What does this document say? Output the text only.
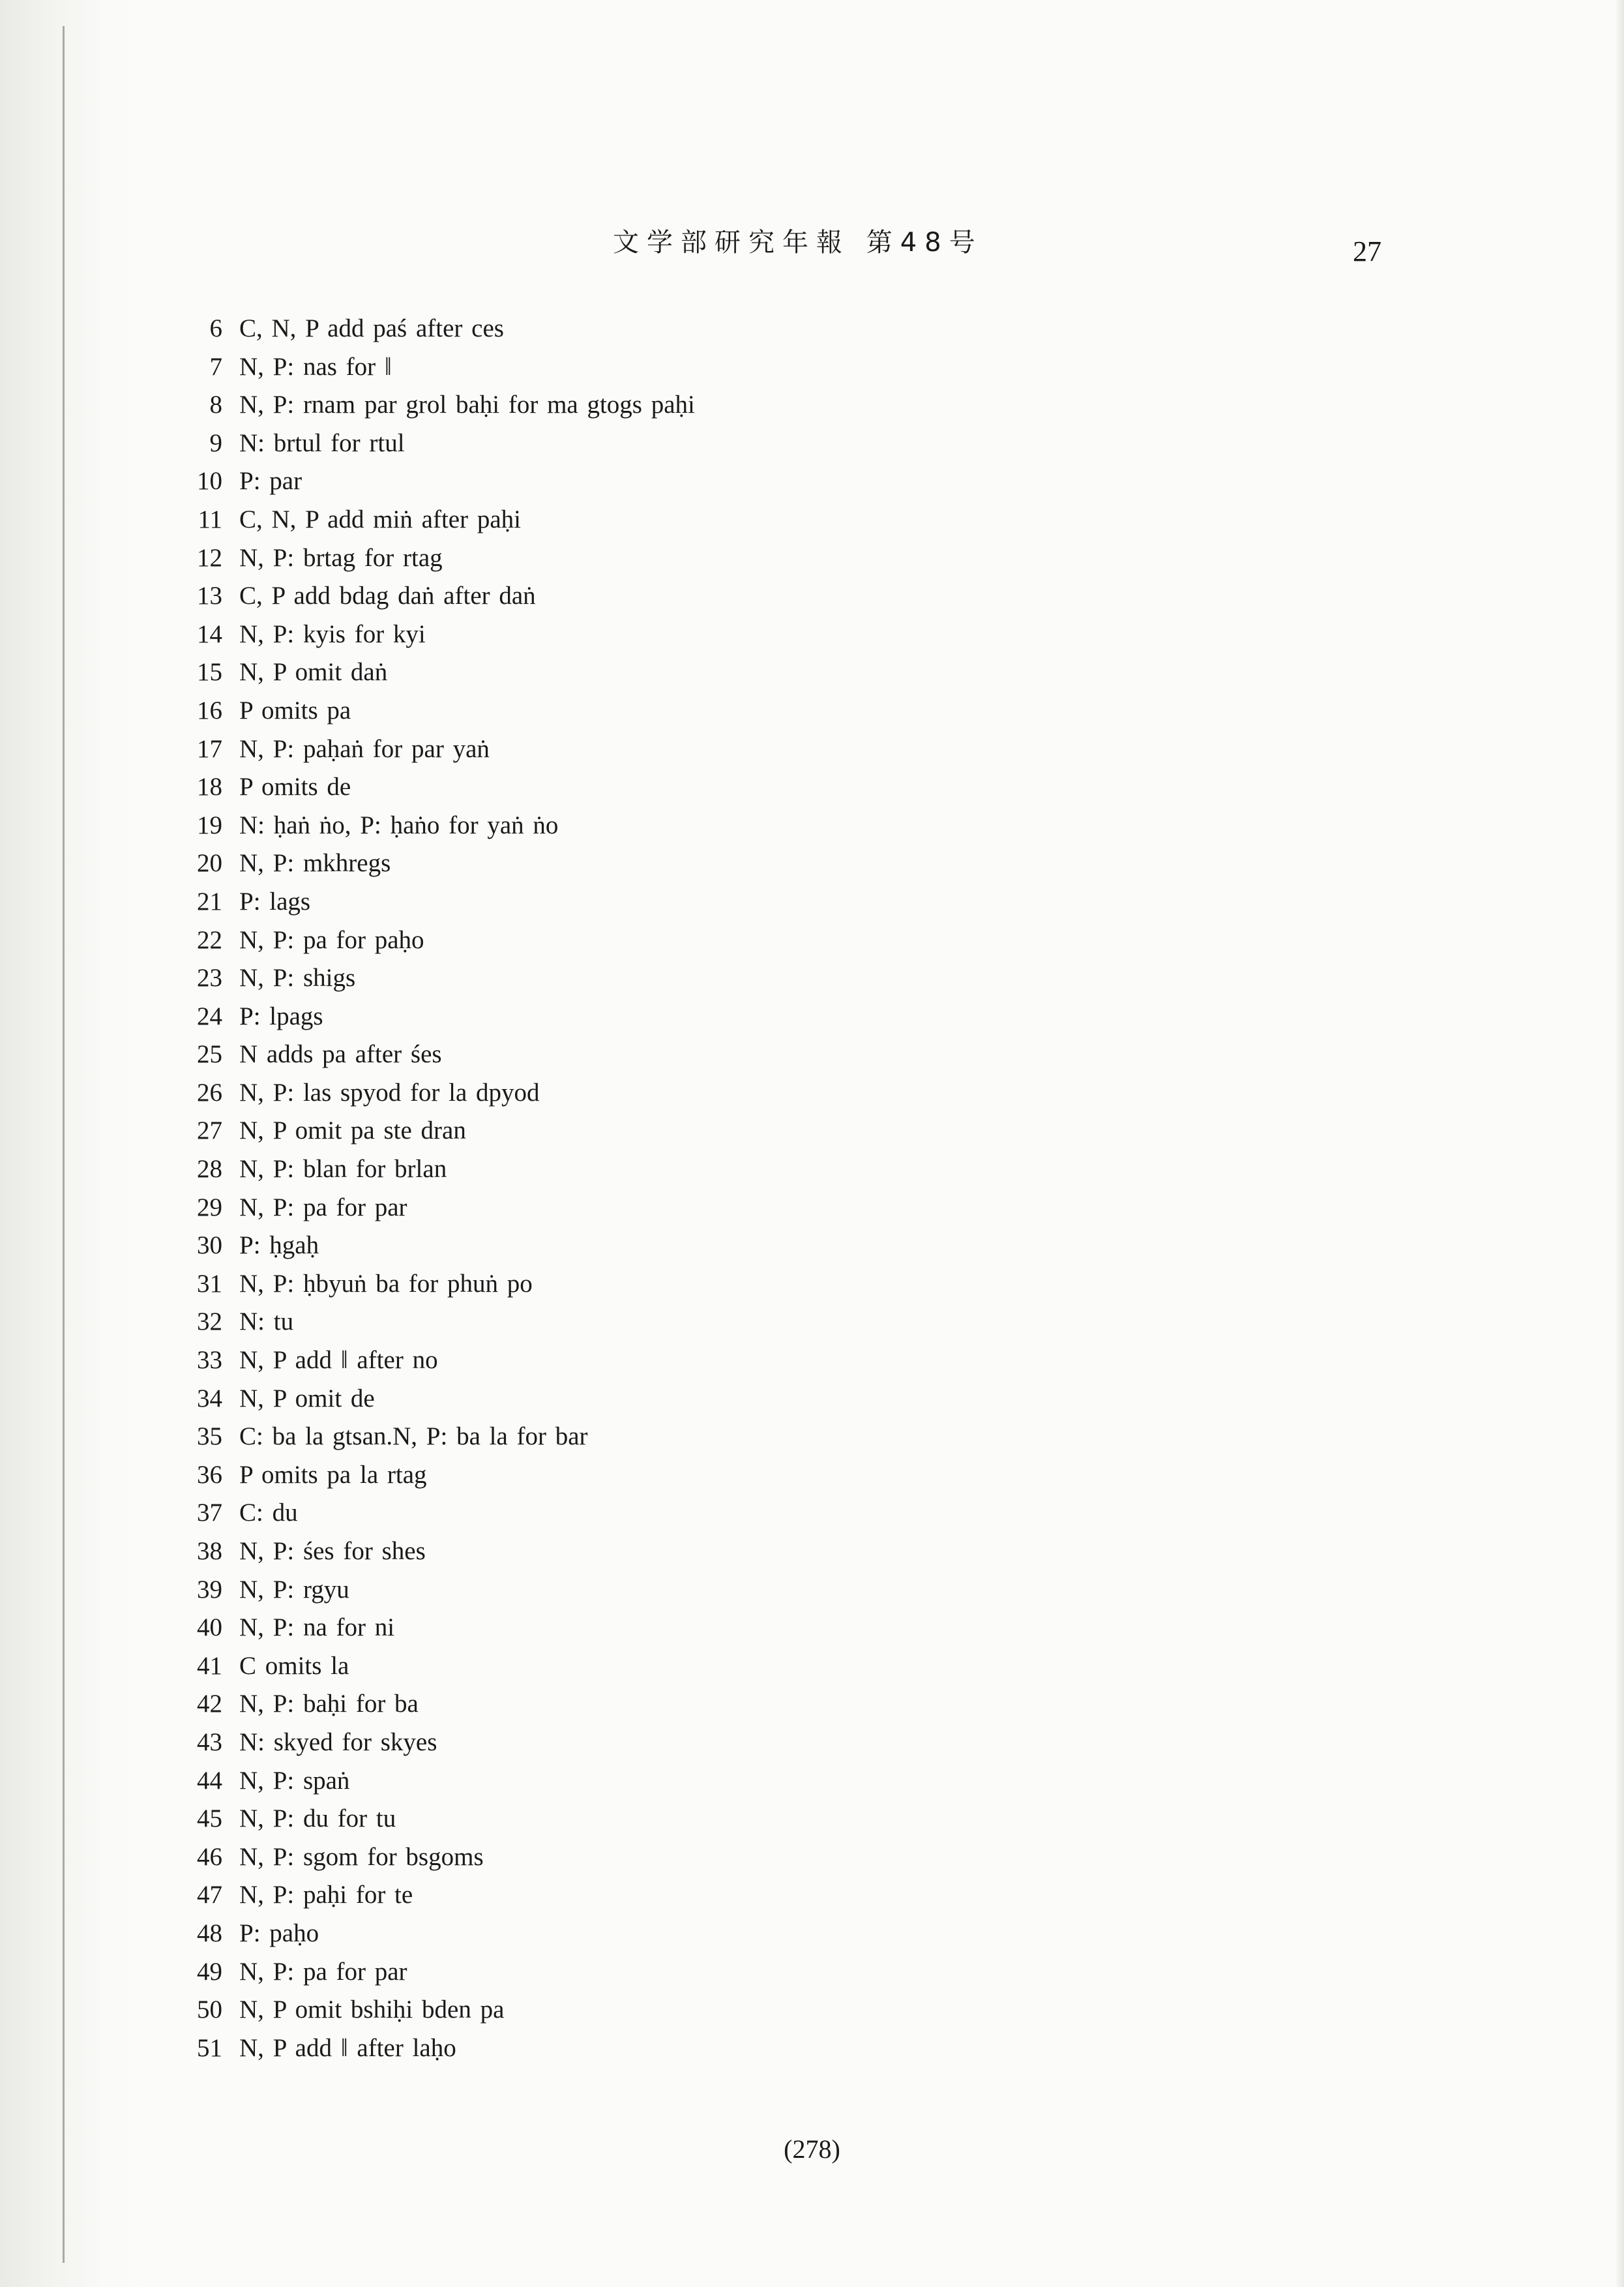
文学部研究年報 第48号	27
6 C, N, P add paś after ces
7 N, P: nas for ‖
8 N, P: rnam par grol baḥi for ma gtogs paḥi
9 N: brtul for rtul
10 P: par
11 C, N, P add miṅ after paḥi
12 N, P: brtag for rtag
13 C, P add bdag daṅ after daṅ
14 N, P: kyis for kyi
15 N, P omit daṅ
16 P omits pa
17 N, P: paḥaṅ for par yaṅ
18 P omits de
19 N: ḥaṅ ṅo, P: ḥaṅo for yaṅ ṅo
20 N, P: mkhregs
21 P: lags
22 N, P: pa for paḥo
23 N, P: shigs
24 P: lpags
25 N adds pa after śes
26 N, P: las spyod for la dpyod
27 N, P omit pa ste dran
28 N, P: blan for brlan
29 N, P: pa for par
30 P: ḥgaḥ
31 N, P: ḥbyuṅ ba for phuṅ po
32 N: tu
33 N, P add ‖ after no
34 N, P omit de
35 C: ba la gtsan.N, P: ba la for bar
36 P omits pa la rtag
37 C: du
38 N, P: śes for shes
39 N, P: rgyu
40 N, P: na for ni
41 C omits la
42 N, P: baḥi for ba
43 N: skyed for skyes
44 N, P: spaṅ
45 N, P: du for tu
46 N, P: sgom for bsgoms
47 N, P: paḥi for te
48 P: paḥo
49 N, P: pa for par
50 N, P omit bshiḥi bden pa
51 N, P add ‖ after laḥo
(278)
